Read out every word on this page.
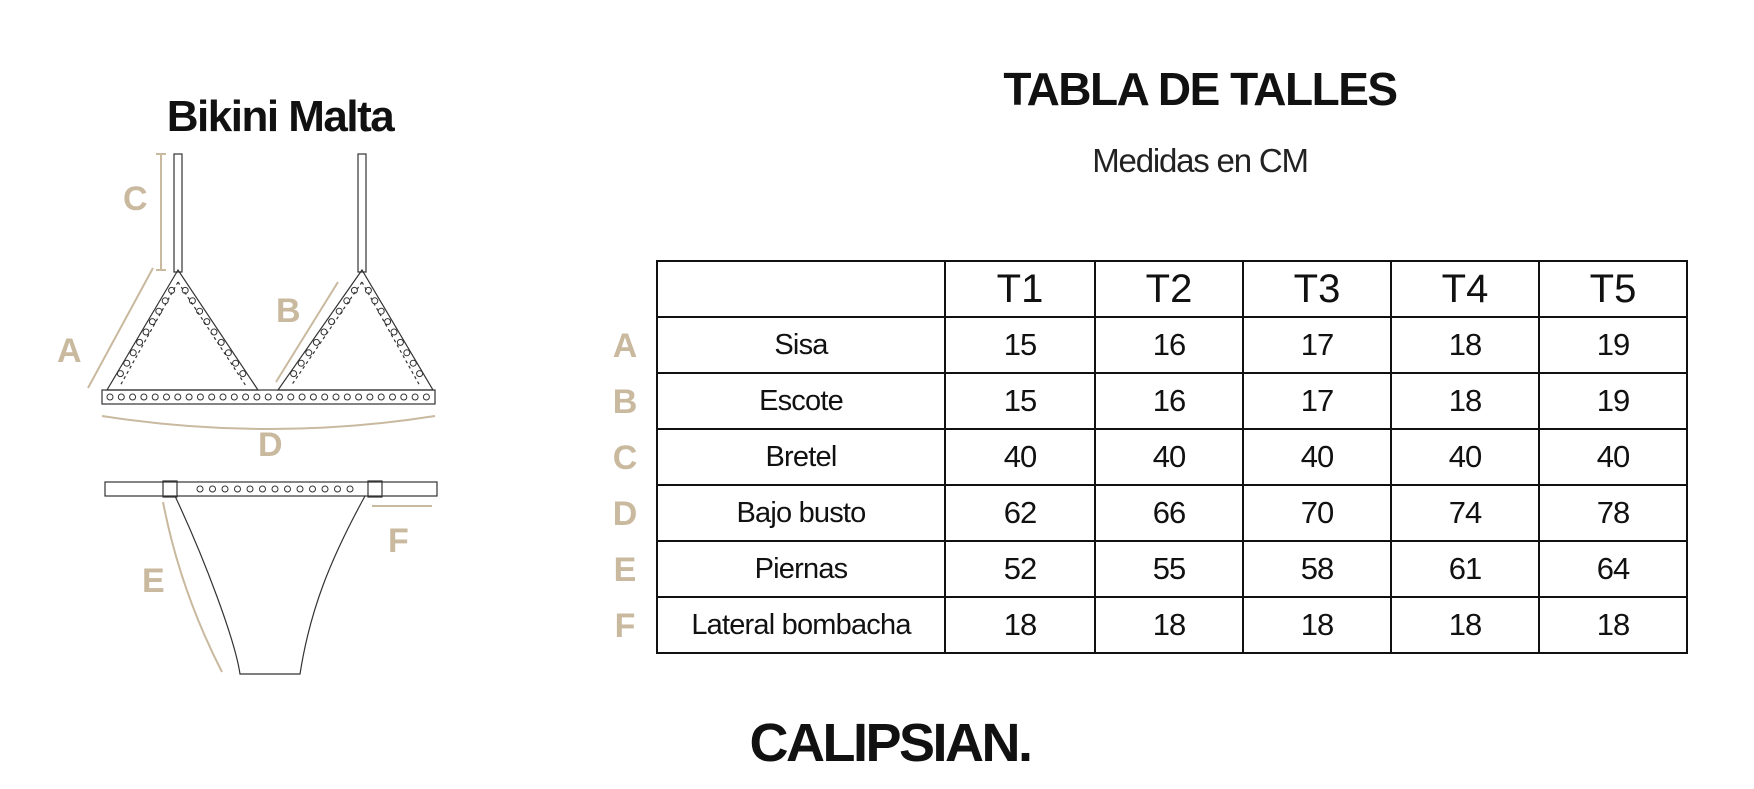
Bikini Malta
C
A
B
D
F
E
TABLA DE TALLES
Medidas en CM
A
B
C
D
E
F
	T1	T2	T3	T4	T5
Sisa	15	16	17	18	19
Escote	15	16	17	18	19
Bretel	40	40	40	40	40
Bajo busto	62	66	70	74	78
Piernas	52	55	58	61	64
Lateral bombacha	18	18	18	18	18
CALIPSIAN.
